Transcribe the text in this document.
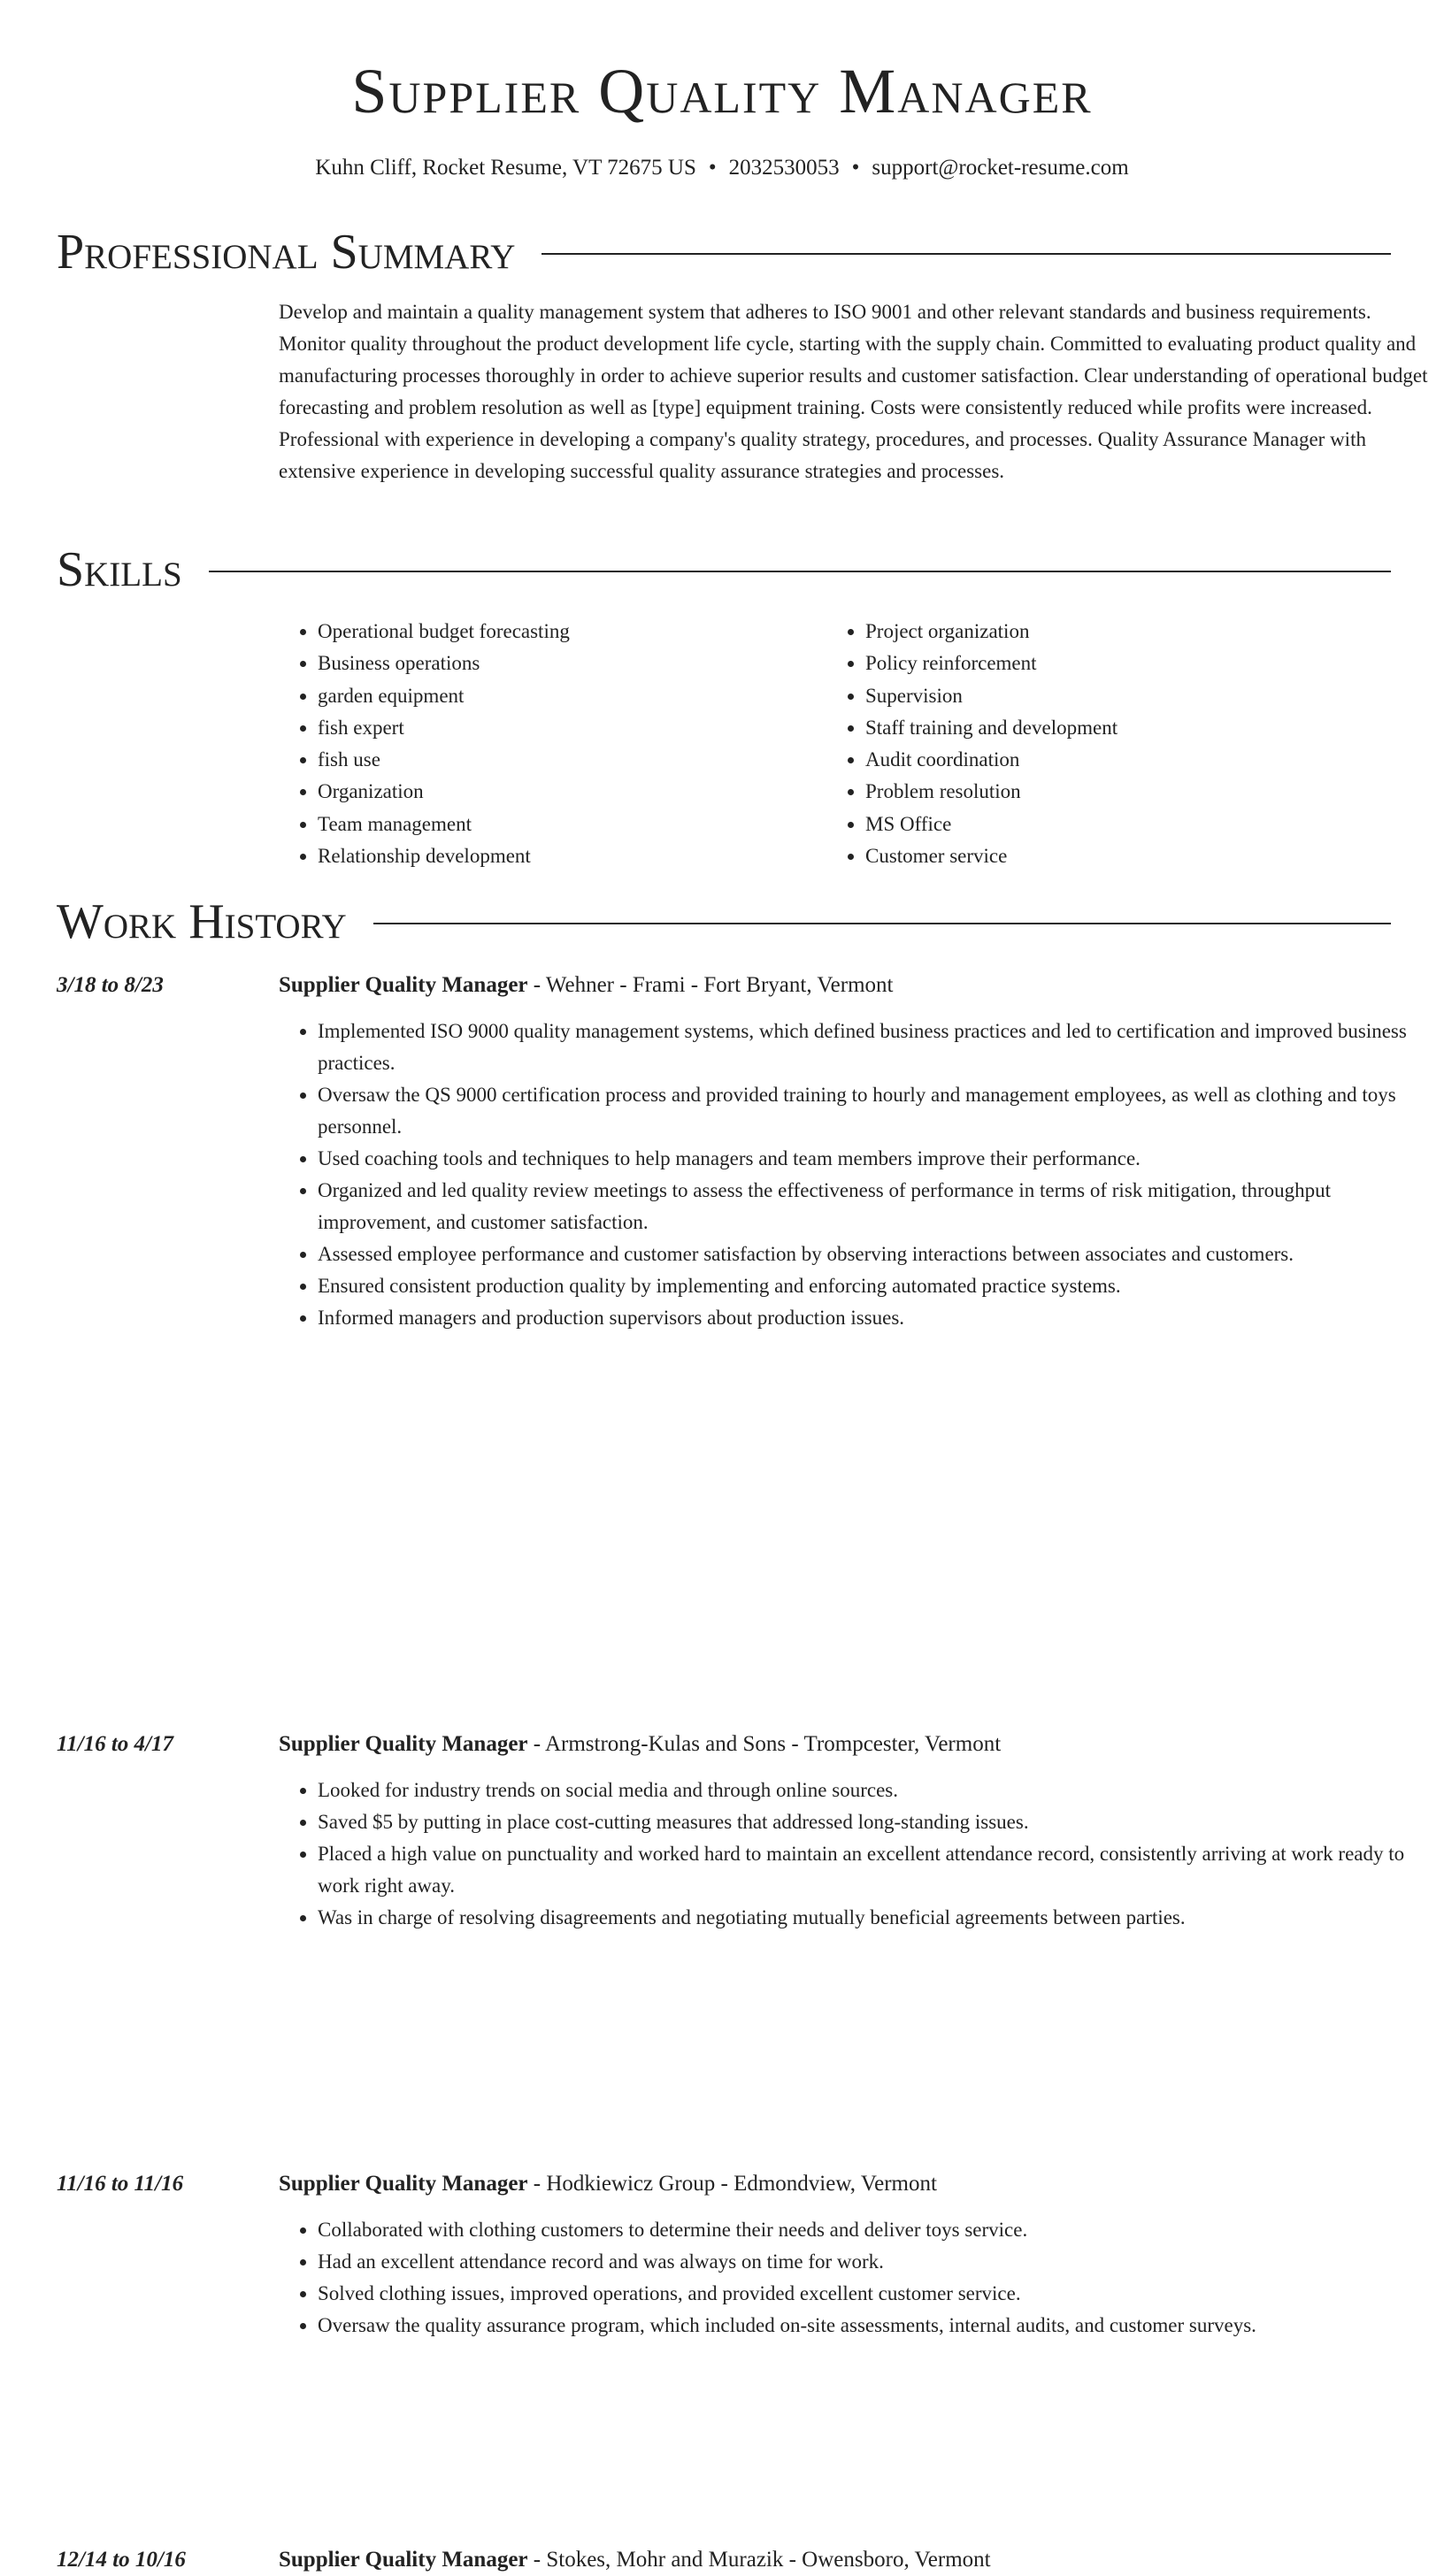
Supplier Quality Manager
Kuhn Cliff, Rocket Resume, VT 72675 US • 2032530053 • support@rocket-resume.com
Professional Summary

Develop and maintain a quality management system that adheres to ISO 9001 and other relevant standards and business requirements. Monitor quality throughout the product development life cycle, starting with the supply chain. Committed to evaluating product quality and manufacturing processes thoroughly in order to achieve superior results and customer satisfaction. Clear understanding of operational budget forecasting and problem resolution as well as [type] equipment training. Costs were consistently reduced while profits were increased. Professional with experience in developing a company's quality strategy, procedures, and processes. Quality Assurance Manager with extensive experience in developing successful quality assurance strategies and processes.

Skills
• Operational budget forecasting
• Business operations
• garden equipment
• fish expert
• fish use
• Organization
• Team management
• Relationship development
• Project organization
• Policy reinforcement
• Supervision
• Staff training and development
• Audit coordination
• Problem resolution
• MS Office
• Customer service
Work History
3/18 to 8/23	Supplier Quality Manager - Wehner - Frami - Fort Bryant, Vermont
• Implemented ISO 9000 quality management systems, which defined business practices and led to certification and improved business practices.
• Oversaw the QS 9000 certification process and provided training to hourly and management employees, as well as clothing and toys personnel.
• Used coaching tools and techniques to help managers and team members improve their performance.
• Organized and led quality review meetings to assess the effectiveness of performance in terms of risk mitigation, throughput improvement, and customer satisfaction.
• Assessed employee performance and customer satisfaction by observing interactions between associates and customers.
• Ensured consistent production quality by implementing and enforcing automated practice systems.
• Informed managers and production supervisors about production issues.
11/16 to 4/17	Supplier Quality Manager - Armstrong-Kulas and Sons - Trompcester, Vermont
• Looked for industry trends on social media and through online sources.
• Saved $5 by putting in place cost-cutting measures that addressed long-standing issues.
• Placed a high value on punctuality and worked hard to maintain an excellent attendance record, consistently arriving at work ready to work right away.
• Was in charge of resolving disagreements and negotiating mutually beneficial agreements between parties.
11/16 to 11/16	Supplier Quality Manager - Hodkiewicz Group - Edmondview, Vermont
• Collaborated with clothing customers to determine their needs and deliver toys service.
• Had an excellent attendance record and was always on time for work.
• Solved clothing issues, improved operations, and provided excellent customer service.
• Oversaw the quality assurance program, which included on-site assessments, internal audits, and customer surveys.
12/14 to 10/16	Supplier Quality Manager - Stokes, Mohr and Murazik - Owensboro, Vermont
